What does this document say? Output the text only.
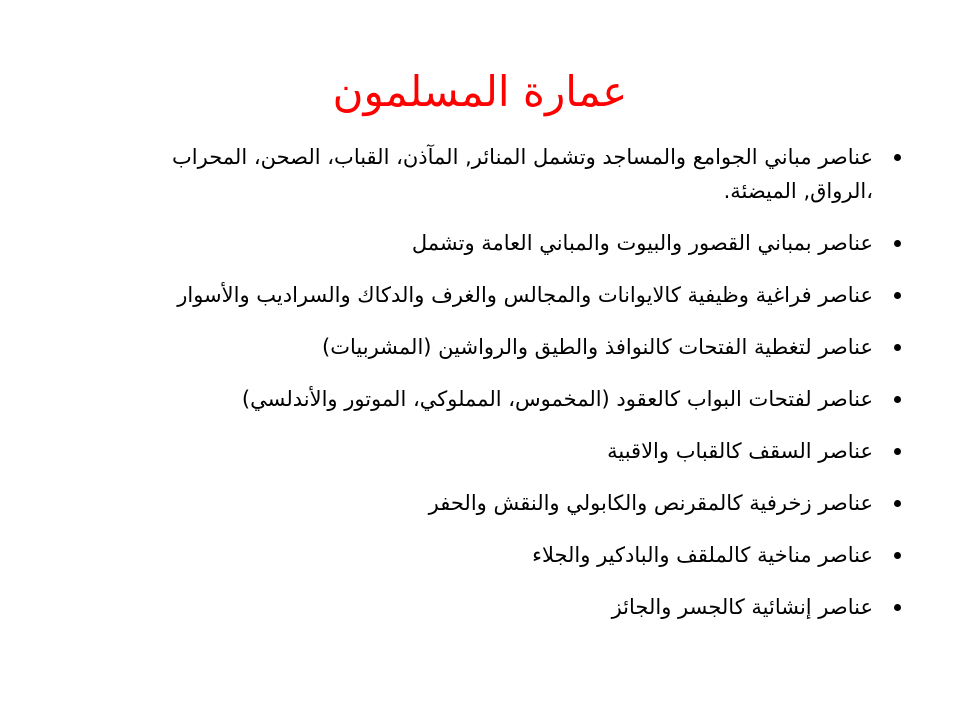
عمارة المسلمون
عناصر مباني الجوامع والمساجد وتشمل المنائر, المآذن، القباب، الصحن، المحراب ،الرواق, الميضئة.
عناصر بمباني القصور والبيوت والمباني العامة وتشمل
عناصر فراغية وظيفية كالايوانات والمجالس والغرف والدكاك والسراديب والأسوار
عناصر لتغطية الفتحات كالنوافذ والطيق والرواشين (المشربيات)
عناصر لفتحات البواب كالعقود (المخموس، المملوكي، الموتور والأندلسي)
عناصر السقف كالقباب والاقبية
عناصر زخرفية كالمقرنص والكابولي والنقش والحفر
عناصر مناخية كالملقف والبادكير والجلاء
عناصر إنشائية كالجسر والجائز
